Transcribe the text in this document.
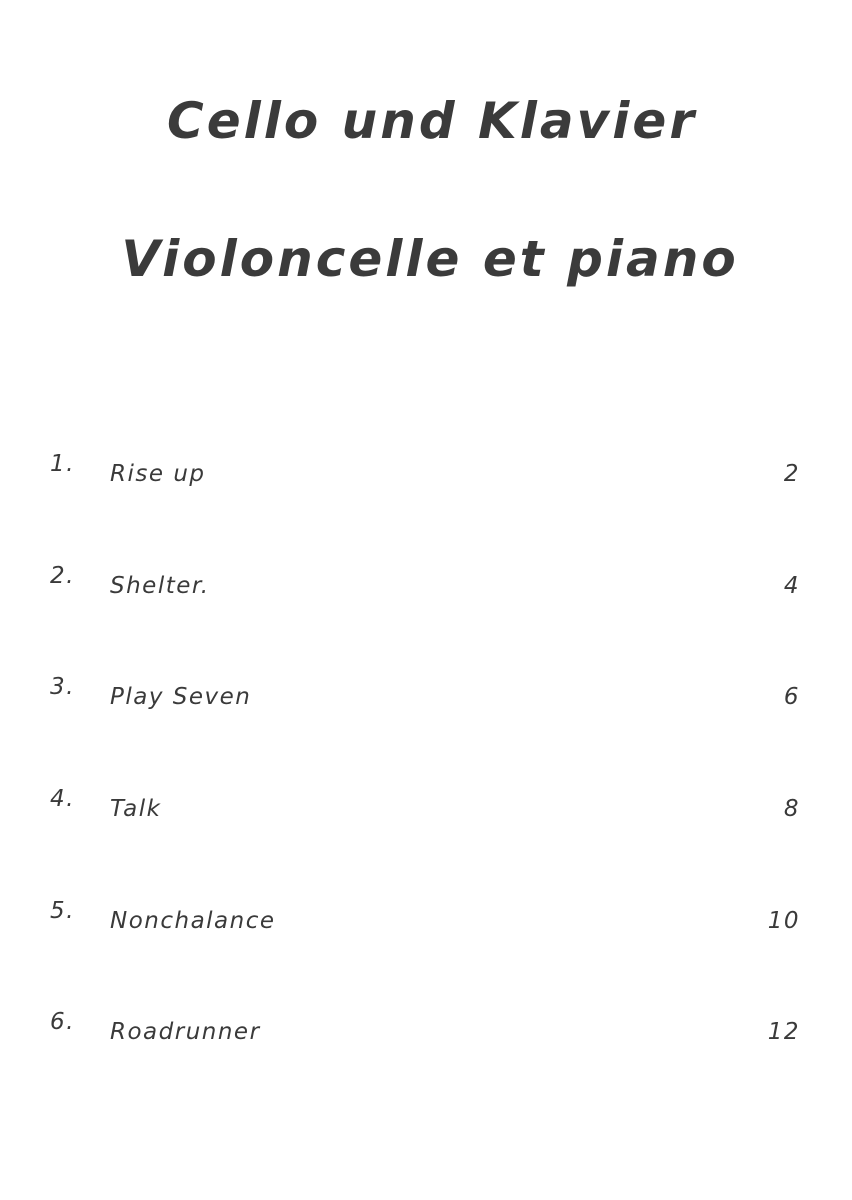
Cello und Klavier
Violoncelle et piano
1.	Rise up	2
2.	Shelter.	4
3.	Play Seven	6
4.	Talk	8
5.	Nonchalance	10
6.	Roadrunner	12
